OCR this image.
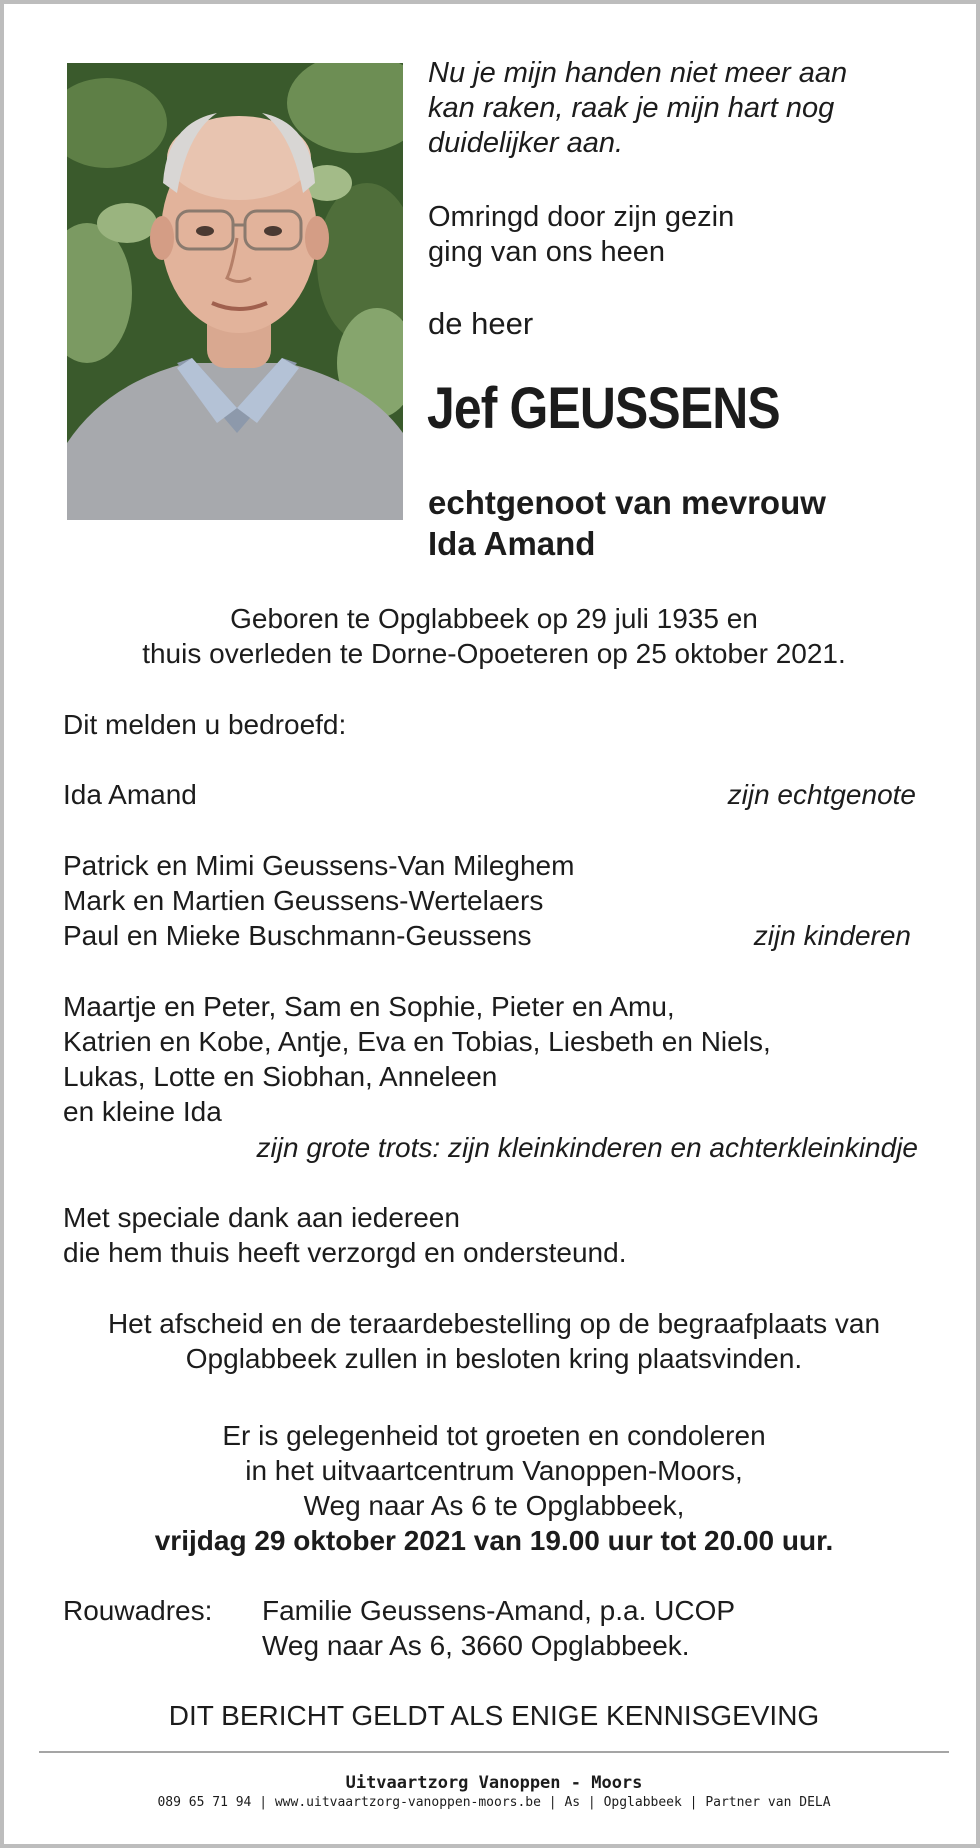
Nu je mijn handen niet meer aan
kan raken, raak je mijn hart nog
duidelijker aan.
Omringd door zijn gezin
ging van ons heen
de heer
Jef GEUSSENS
echtgenoot van mevrouw
Ida Amand
Geboren te Opglabbeek op 29 juli 1935 en
thuis overleden te Dorne-Opoeteren op 25 oktober 2021.
Dit melden u bedroefd:
Ida Amand	zijn echtgenote
Patrick en Mimi Geussens-Van Mileghem
Mark en Martien Geussens-Wertelaers
Paul en Mieke Buschmann-Geussens	zijn kinderen
Maartje en Peter, Sam en Sophie, Pieter en Amu,
Katrien en Kobe, Antje, Eva en Tobias, Liesbeth en Niels,
Lukas, Lotte en Siobhan, Anneleen
en kleine Ida
zijn grote trots: zijn kleinkinderen en achterkleinkindje
Met speciale dank aan iedereen
die hem thuis heeft verzorgd en ondersteund.
Het afscheid en de teraardebestelling op de begraafplaats van
Opglabbeek zullen in besloten kring plaatsvinden.
Er is gelegenheid tot groeten en condoleren
in het uitvaartcentrum Vanoppen-Moors,
Weg naar As 6 te Opglabbeek,
vrijdag 29 oktober 2021 van 19.00 uur tot 20.00 uur.
Rouwadres: Familie Geussens-Amand, p.a. UCOP
Weg naar As 6, 3660 Opglabbeek.
DIT BERICHT GELDT ALS ENIGE KENNISGEVING
Uitvaartzorg Vanoppen - Moors
089 65 71 94 | www.uitvaartzorg-vanoppen-moors.be | As | Opglabbeek | Partner van DELA
